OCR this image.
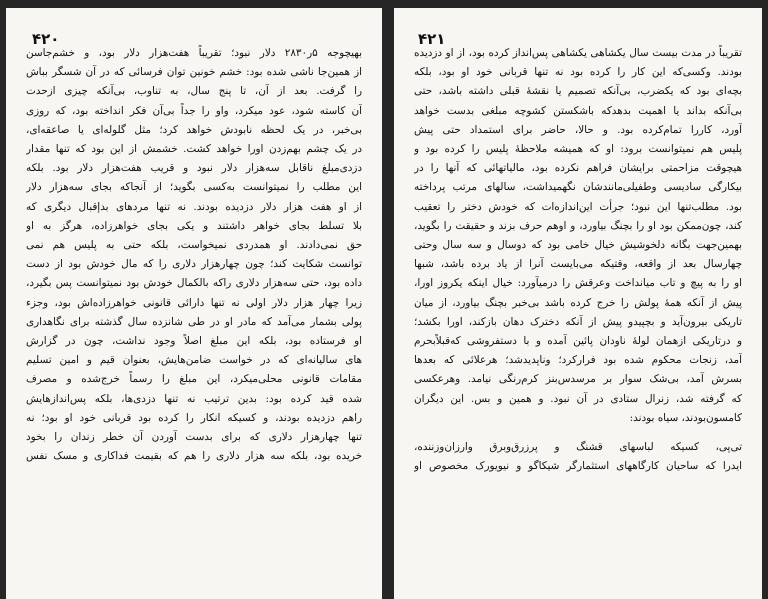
۴۲۰
بهیچوجه ۵ر۲۸۳۰ دلار نبود؛ تقریباً هفت‌هزار دلار بود، و خشم‌جاسن
از همین‌جا ناشی شده بود: خشم خونین توان فرسائی که در آن شسگر بباش
را گرفت. بعد از آن، تا پنج سال، به تناوب، بی‌آنکه چیزی ازحدت
آن کاسته شود، عود میکرد، واو را جداً بی‌آن فکر انداخته بود، که روزی
بی‌خبر، در یک لحظه نابودش خواهد کرد؛ مثل گلوله‌ای یا صاعقه‌ای،
در یک چشم بهم‌زدن اورا خواهد کشت. خشمش از این بود که تنها مقدار
دزدی‌مبلغ ناقابل سه‌هزار دلار نبود و قریب هفت‌هزار دلار بود. بلکه
این مطلب را نمیتوانست به‌کسی بگوید؛ از آنجاکه بجای سه‌هزار دلار
از او هفت هزار دلار دزدیده بودند. نه تنها مردهای بدإقبال دیگری که
بلا تسلط بجای خواهر داشتند و یکی بجای خواهرزاده، هرگز به او
حق نمی‌دادند. او همدردی نمیخواست، بلکه حتی به پلیس هم نمی‌
توانست شکایت کند؛ چون چهارهزار دلاری را که مال خودش بود از دست
داده بود، حتی سه‌هزار دلاری راکه بالکمال خودش بود نمیتوانست پس بگیرد،
زیرا چهار هزار دلار اولی نه تنها دارائی قانونی خواهرزاده‌اش بود، وجزء
پولی بشمار می‌آمد که مادر او در طی شانزده سال گذشته برای نگاهداری
او فرستاده بود، بلکه این مبلغ اصلاً وجود نداشت، چون در گزارش
های سالیانه‌ای که در خواست ضامن‌هایش، بعنوان قیم و امین تسلیم
مقامات قانونی محلی‌میکرد، این مبلغ را رسماً خرج‌شده و مصرف
شده قید کرده بود: بدین ترتیب نه تنها دزدی‌ها، بلکه پس‌اندازهایش
راهم دزدیده بودند، و کسیکه انکار را کرده بود قربانی خود او بود؛ نه
تنها چهارهزار دلاری که برای بدست آوردن آن خطر زندان را بخود
خریده بود، بلکه سه هزار دلاری را هم که بقیمت فداکاری و مسک نفس
۴۲۱
تقریباً در مدت بیست سال یکشاهی یکشاهی پس‌انداز کرده بود، از او دزدیده
بودند. وکسی‌که این کار را کرده بود نه تنها قربانی خود او بود، بلکه
بچه‌ای بود که یکضرب، بی‌آنکه تصمیم یا نقشهٔ قبلی داشته باشد، حتی
بی‌آنکه بداند یا اهمیت بدهدکه باشکستن کشوچه مبلغی بدست خواهد
آورد، کاررا تمام‌کرده بود. و حالا، حاضر برای استمداد حتی پیش
پلیس هم نمیتوانست برود: او که همیشه ملاحظهٔ پلیس را کرده بود و
هیچوقت مزاحمتی برایشان فراهم نکرده بود، مالیاتهائی که آنها را در
بیکارگی سادیسی وطفیلی‌مانندشان نگهمیداشت، سالهای مرتب پرداخته
بود. مطلب‌تنها این نبود؛ جرأت این‌اندازه‌ات که خودش دختر را تعقیب
کند، چون‌ممکن بود او را بچنگ بیاورد، و اوهم حرف بزند و حقیقت را بگوید،
بهمین‌جهت بگانه دلخوشیش خیال خامی بود که دوسال و سه سال وحتی
چهارسال بعد از واقعه، وقتیکه می‌بایست آنرا از یاد برده باشد، شبها
او را به پیچ و تاب میانداخت وعرقش را درمیآورد: خیال اینکه یکروز اورا،
پیش از آنکه همهٔ پولش را خرج کرده باشد بی‌خبر بچنگ بیاورد، از میان
تاریکی بیرون‌آید و بچپیدو پیش از آنکه دخترک دهان بازکند، اورا بکشد؛
و درتاریکی ازهمان لولهٔ ناودان پائین آمده و با دستفروشی که‌قبلاًبحرم
آمد، زنجات محکوم شده بود فرارکرد؛ وناپدیدشد؛ هرعلائی که بعدها
بسرش آمد، بی‌شک سوار بر مرسدس‌بنز کرم‌رنگی نیامد. وهرعکسی
که گرفته شد، زنرال ستادی در آن نبود. و همین و بس. این دیگران
کامسون‌بودند، سیاه بودند:
تی‌پی، کسیکه لباسهای قشنگ و پرزرق‌وبرق وارزان‌وزننده،
ایدرا که ساحیان کارگاههای استثمارگر شیکاگو و نیویورک مخصوص او
